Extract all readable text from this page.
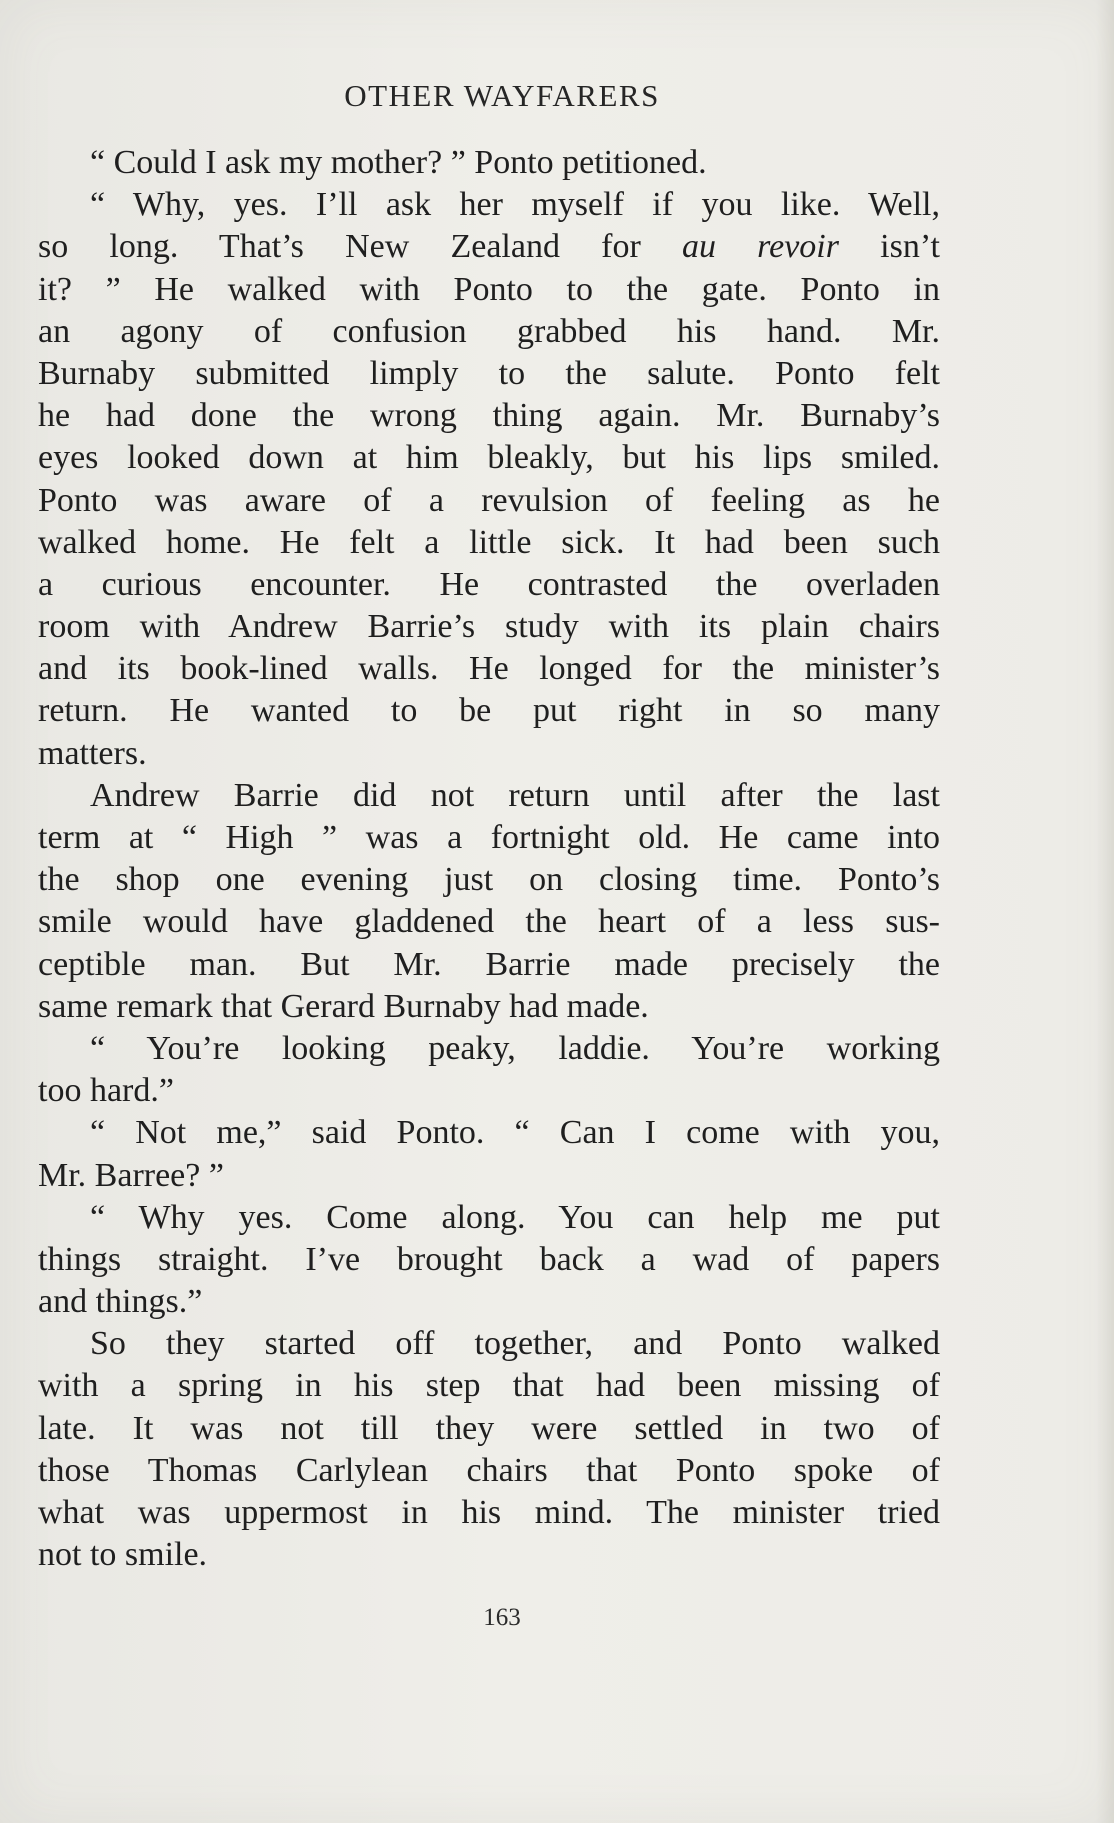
OTHER WAYFARERS
“ Could I ask my mother? ” Ponto petitioned.
“ Why, yes. I’ll ask her myself if you like. Well,
so long. That’s New Zealand for au revoir isn’t
it? ” He walked with Ponto to the gate. Ponto in
an agony of confusion grabbed his hand. Mr.
Burnaby submitted limply to the salute. Ponto felt
he had done the wrong thing again. Mr. Burnaby’s
eyes looked down at him bleakly, but his lips smiled.
Ponto was aware of a revulsion of feeling as he
walked home. He felt a little sick. It had been such
a curious encounter. He contrasted the overladen
room with Andrew Barrie’s study with its plain chairs
and its book-lined walls. He longed for the minister’s
return. He wanted to be put right in so many
matters.
Andrew Barrie did not return until after the last
term at “ High ” was a fortnight old. He came into
the shop one evening just on closing time. Ponto’s
smile would have gladdened the heart of a less sus-
ceptible man. But Mr. Barrie made precisely the
same remark that Gerard Burnaby had made.
“ You’re looking peaky, laddie. You’re working
too hard.”
“ Not me,” said Ponto. “ Can I come with you,
Mr. Barree? ”
“ Why yes. Come along. You can help me put
things straight. I’ve brought back a wad of papers
and things.”
So they started off together, and Ponto walked
with a spring in his step that had been missing of
late. It was not till they were settled in two of
those Thomas Carlylean chairs that Ponto spoke of
what was uppermost in his mind. The minister tried
not to smile.
163
